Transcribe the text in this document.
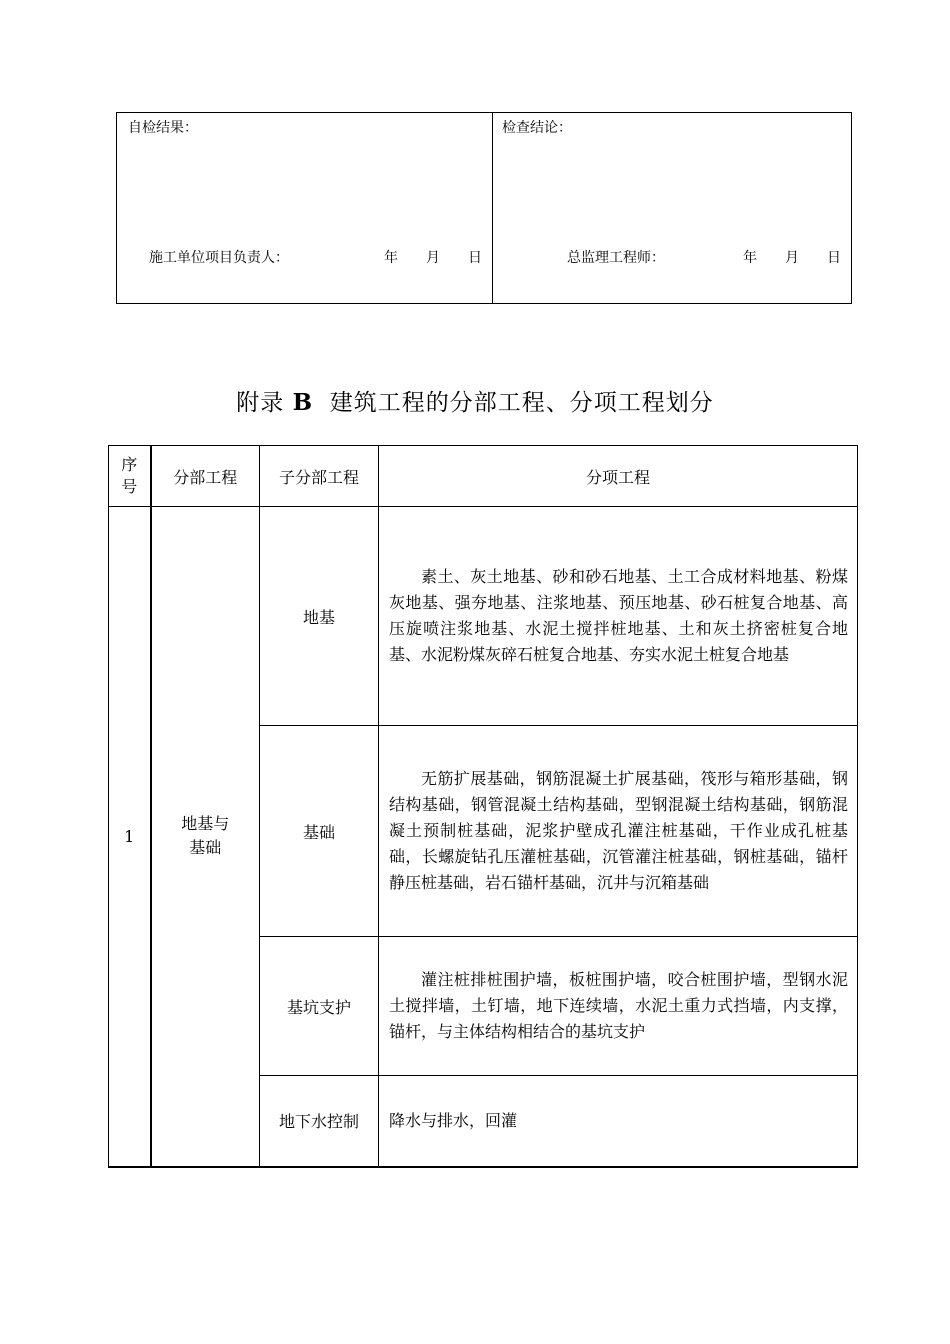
自检结果：
施工单位项目负责人：	年 月 日
检查结论：
总监理工程师：	年 月 日
附录 B 建筑工程的分部工程、分项工程划分
序号	分部工程	子分部工程	分项工程
1	地基与基础	地基	素土、灰土地基、砂和砂石地基、土工合成材料地基、粉煤灰地基、强夯地基、注浆地基、预压地基、砂石桩复合地基、高压旋喷注浆地基、水泥土搅拌桩地基、土和灰土挤密桩复合地基、水泥粉煤灰碎石桩复合地基、夯实水泥土桩复合地基
		基础	无筋扩展基础，钢筋混凝土扩展基础，筏形与箱形基础，钢结构基础，钢管混凝土结构基础，型钢混凝土结构基础，钢筋混凝土预制桩基础，泥浆护壁成孔灌注桩基础，干作业成孔桩基础，长螺旋钻孔压灌桩基础，沉管灌注桩基础，钢桩基础，锚杆静压桩基础，岩石锚杆基础，沉井与沉箱基础
		基坑支护	灌注桩排桩围护墙，板桩围护墙，咬合桩围护墙，型钢水泥土搅拌墙，土钉墙，地下连续墙，水泥土重力式挡墙，内支撑，锚杆，与主体结构相结合的基坑支护
		地下水控制	降水与排水，回灌
